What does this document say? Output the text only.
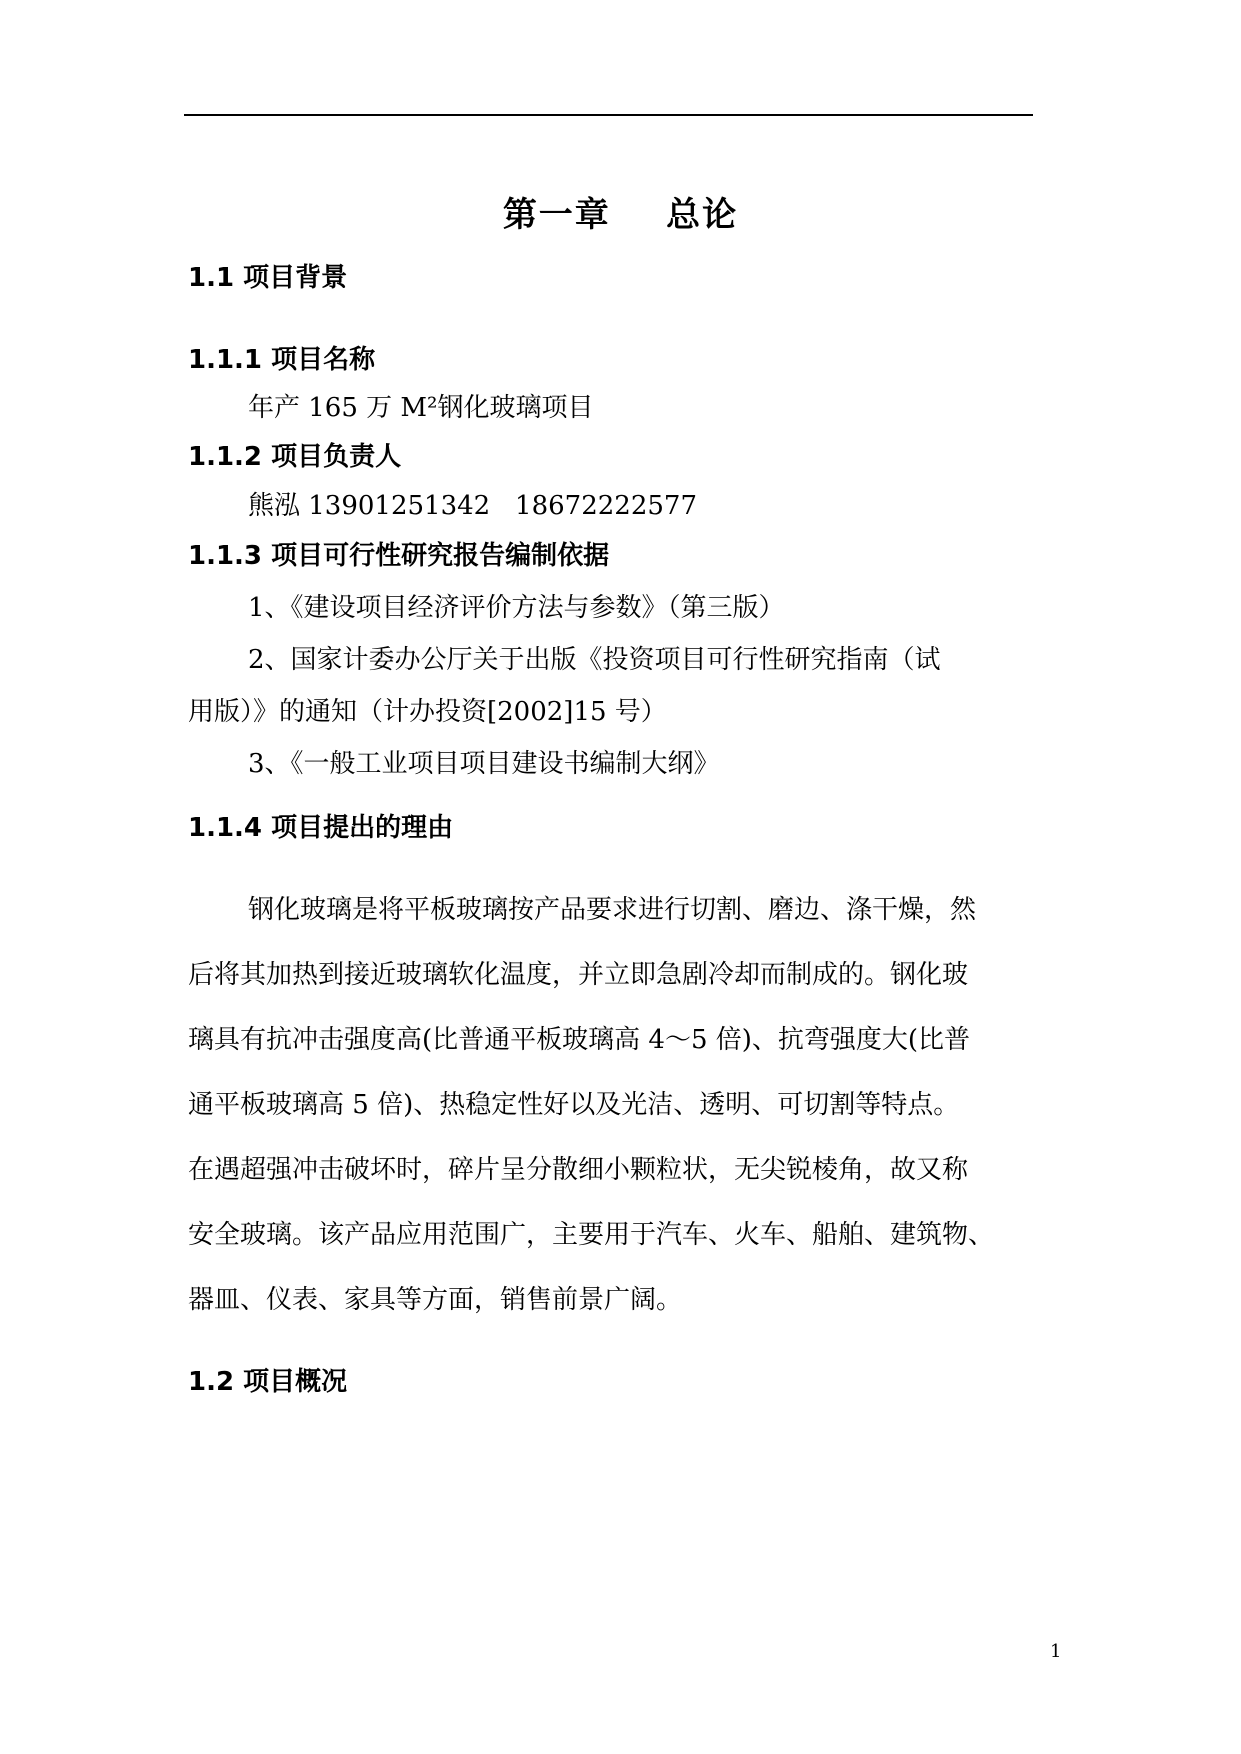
第一章    总论
1.1 项目背景
1.1.1 项目名称
年产 165 万 M²钢化玻璃项目
1.1.2 项目负责人
熊泓 13901251342   18672222577
1.1.3 项目可行性研究报告编制依据
1、《建设项目经济评价方法与参数》（第三版）
2、国家计委办公厅关于出版《投资项目可行性研究指南（试
用版）》的通知（计办投资[2002]15 号）
3、《一般工业项目项目建设书编制大纲》
1.1.4 项目提出的理由
钢化玻璃是将平板玻璃按产品要求进行切割、磨边、涤干燥，然
后将其加热到接近玻璃软化温度，并立即急剧冷却而制成的。钢化玻
璃具有抗冲击强度高(比普通平板玻璃高 4～5 倍)、抗弯强度大(比普
通平板玻璃高 5 倍)、热稳定性好以及光洁、透明、可切割等特点。
在遇超强冲击破坏时，碎片呈分散细小颗粒状，无尖锐棱角，故又称
安全玻璃。该产品应用范围广，主要用于汽车、火车、船舶、建筑物、
器皿、仪表、家具等方面，销售前景广阔。
1.2 项目概况
1
